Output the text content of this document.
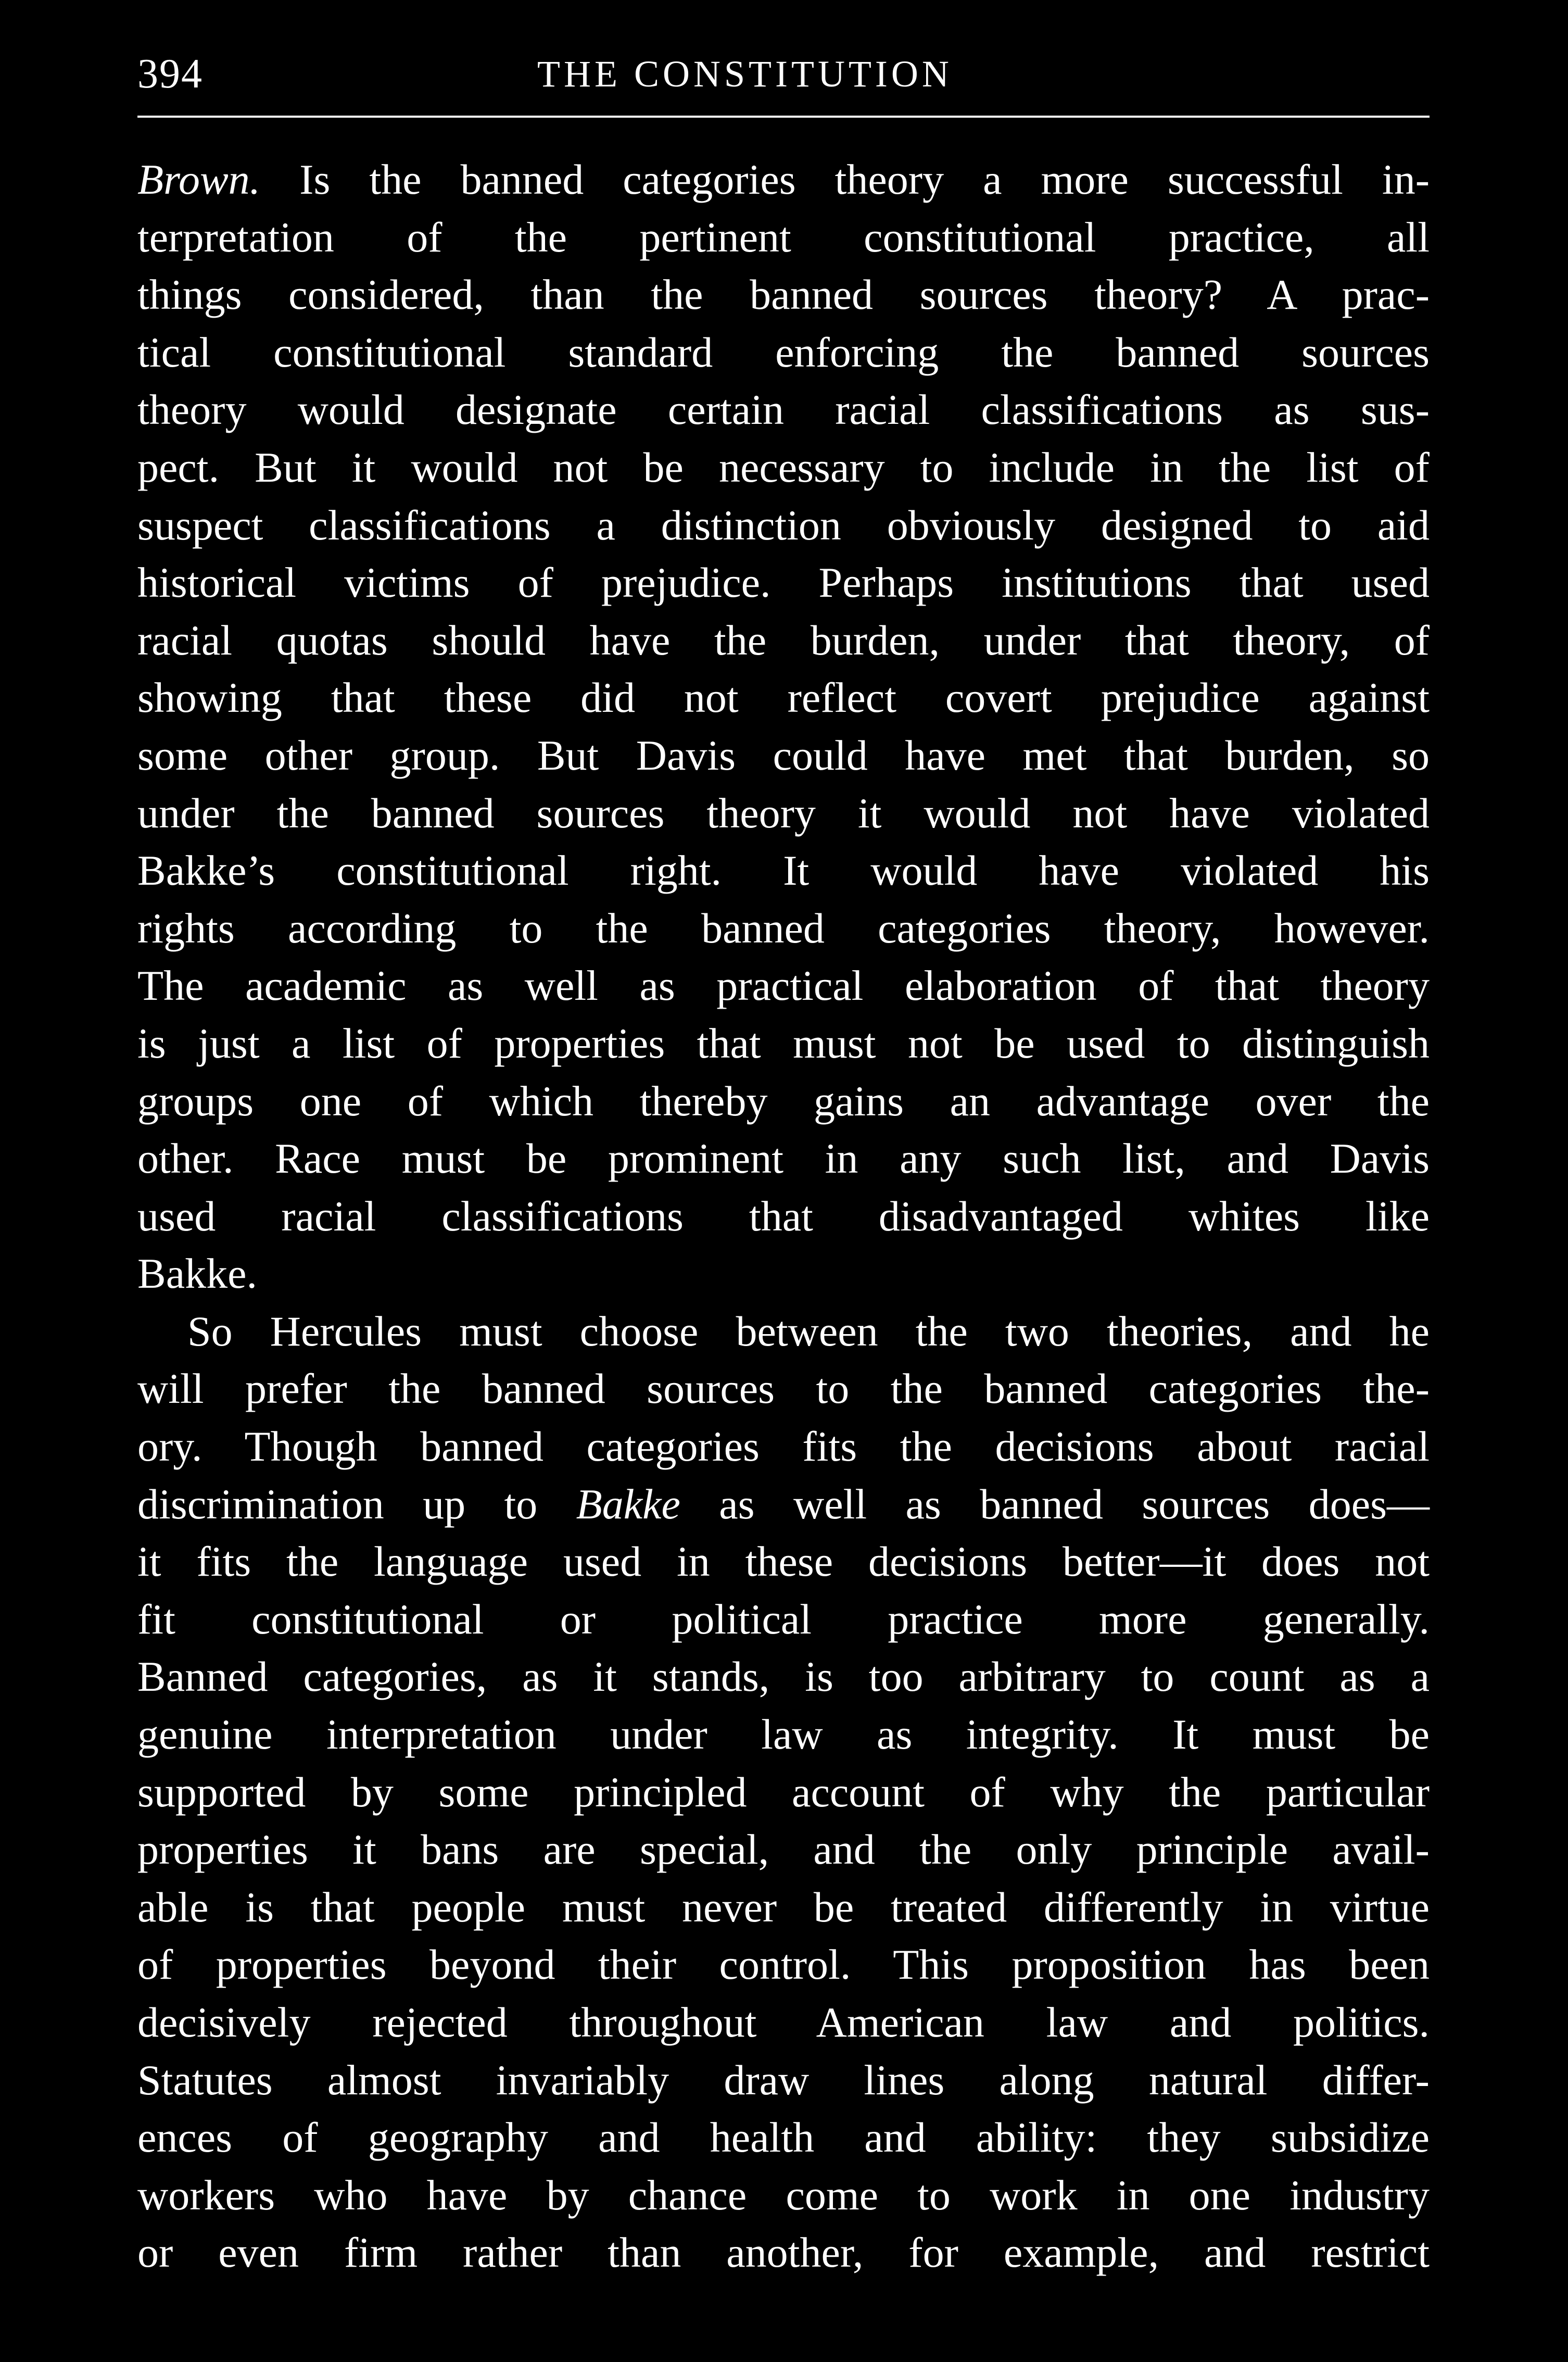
394	THE CONSTITUTION
Brown. Is the banned categories theory a more successful in-
terpretation of the pertinent constitutional practice, all
things considered, than the banned sources theory? A prac-
tical constitutional standard enforcing the banned sources
theory would designate certain racial classifications as sus-
pect. But it would not be necessary to include in the list of
suspect classifications a distinction obviously designed to aid
historical victims of prejudice. Perhaps institutions that used
racial quotas should have the burden, under that theory, of
showing that these did not reflect covert prejudice against
some other group. But Davis could have met that burden, so
under the banned sources theory it would not have violated
Bakke’s constitutional right. It would have violated his
rights according to the banned categories theory, however.
The academic as well as practical elaboration of that theory
is just a list of properties that must not be used to distinguish
groups one of which thereby gains an advantage over the
other. Race must be prominent in any such list, and Davis
used racial classifications that disadvantaged whites like
Bakke.
So Hercules must choose between the two theories, and he
will prefer the banned sources to the banned categories the-
ory. Though banned categories fits the decisions about racial
discrimination up to Bakke as well as banned sources does—
it fits the language used in these decisions better—it does not
fit constitutional or political practice more generally.
Banned categories, as it stands, is too arbitrary to count as a
genuine interpretation under law as integrity. It must be
supported by some principled account of why the particular
properties it bans are special, and the only principle avail-
able is that people must never be treated differently in virtue
of properties beyond their control. This proposition has been
decisively rejected throughout American law and politics.
Statutes almost invariably draw lines along natural differ-
ences of geography and health and ability: they subsidize
workers who have by chance come to work in one industry
or even firm rather than another, for example, and restrict
